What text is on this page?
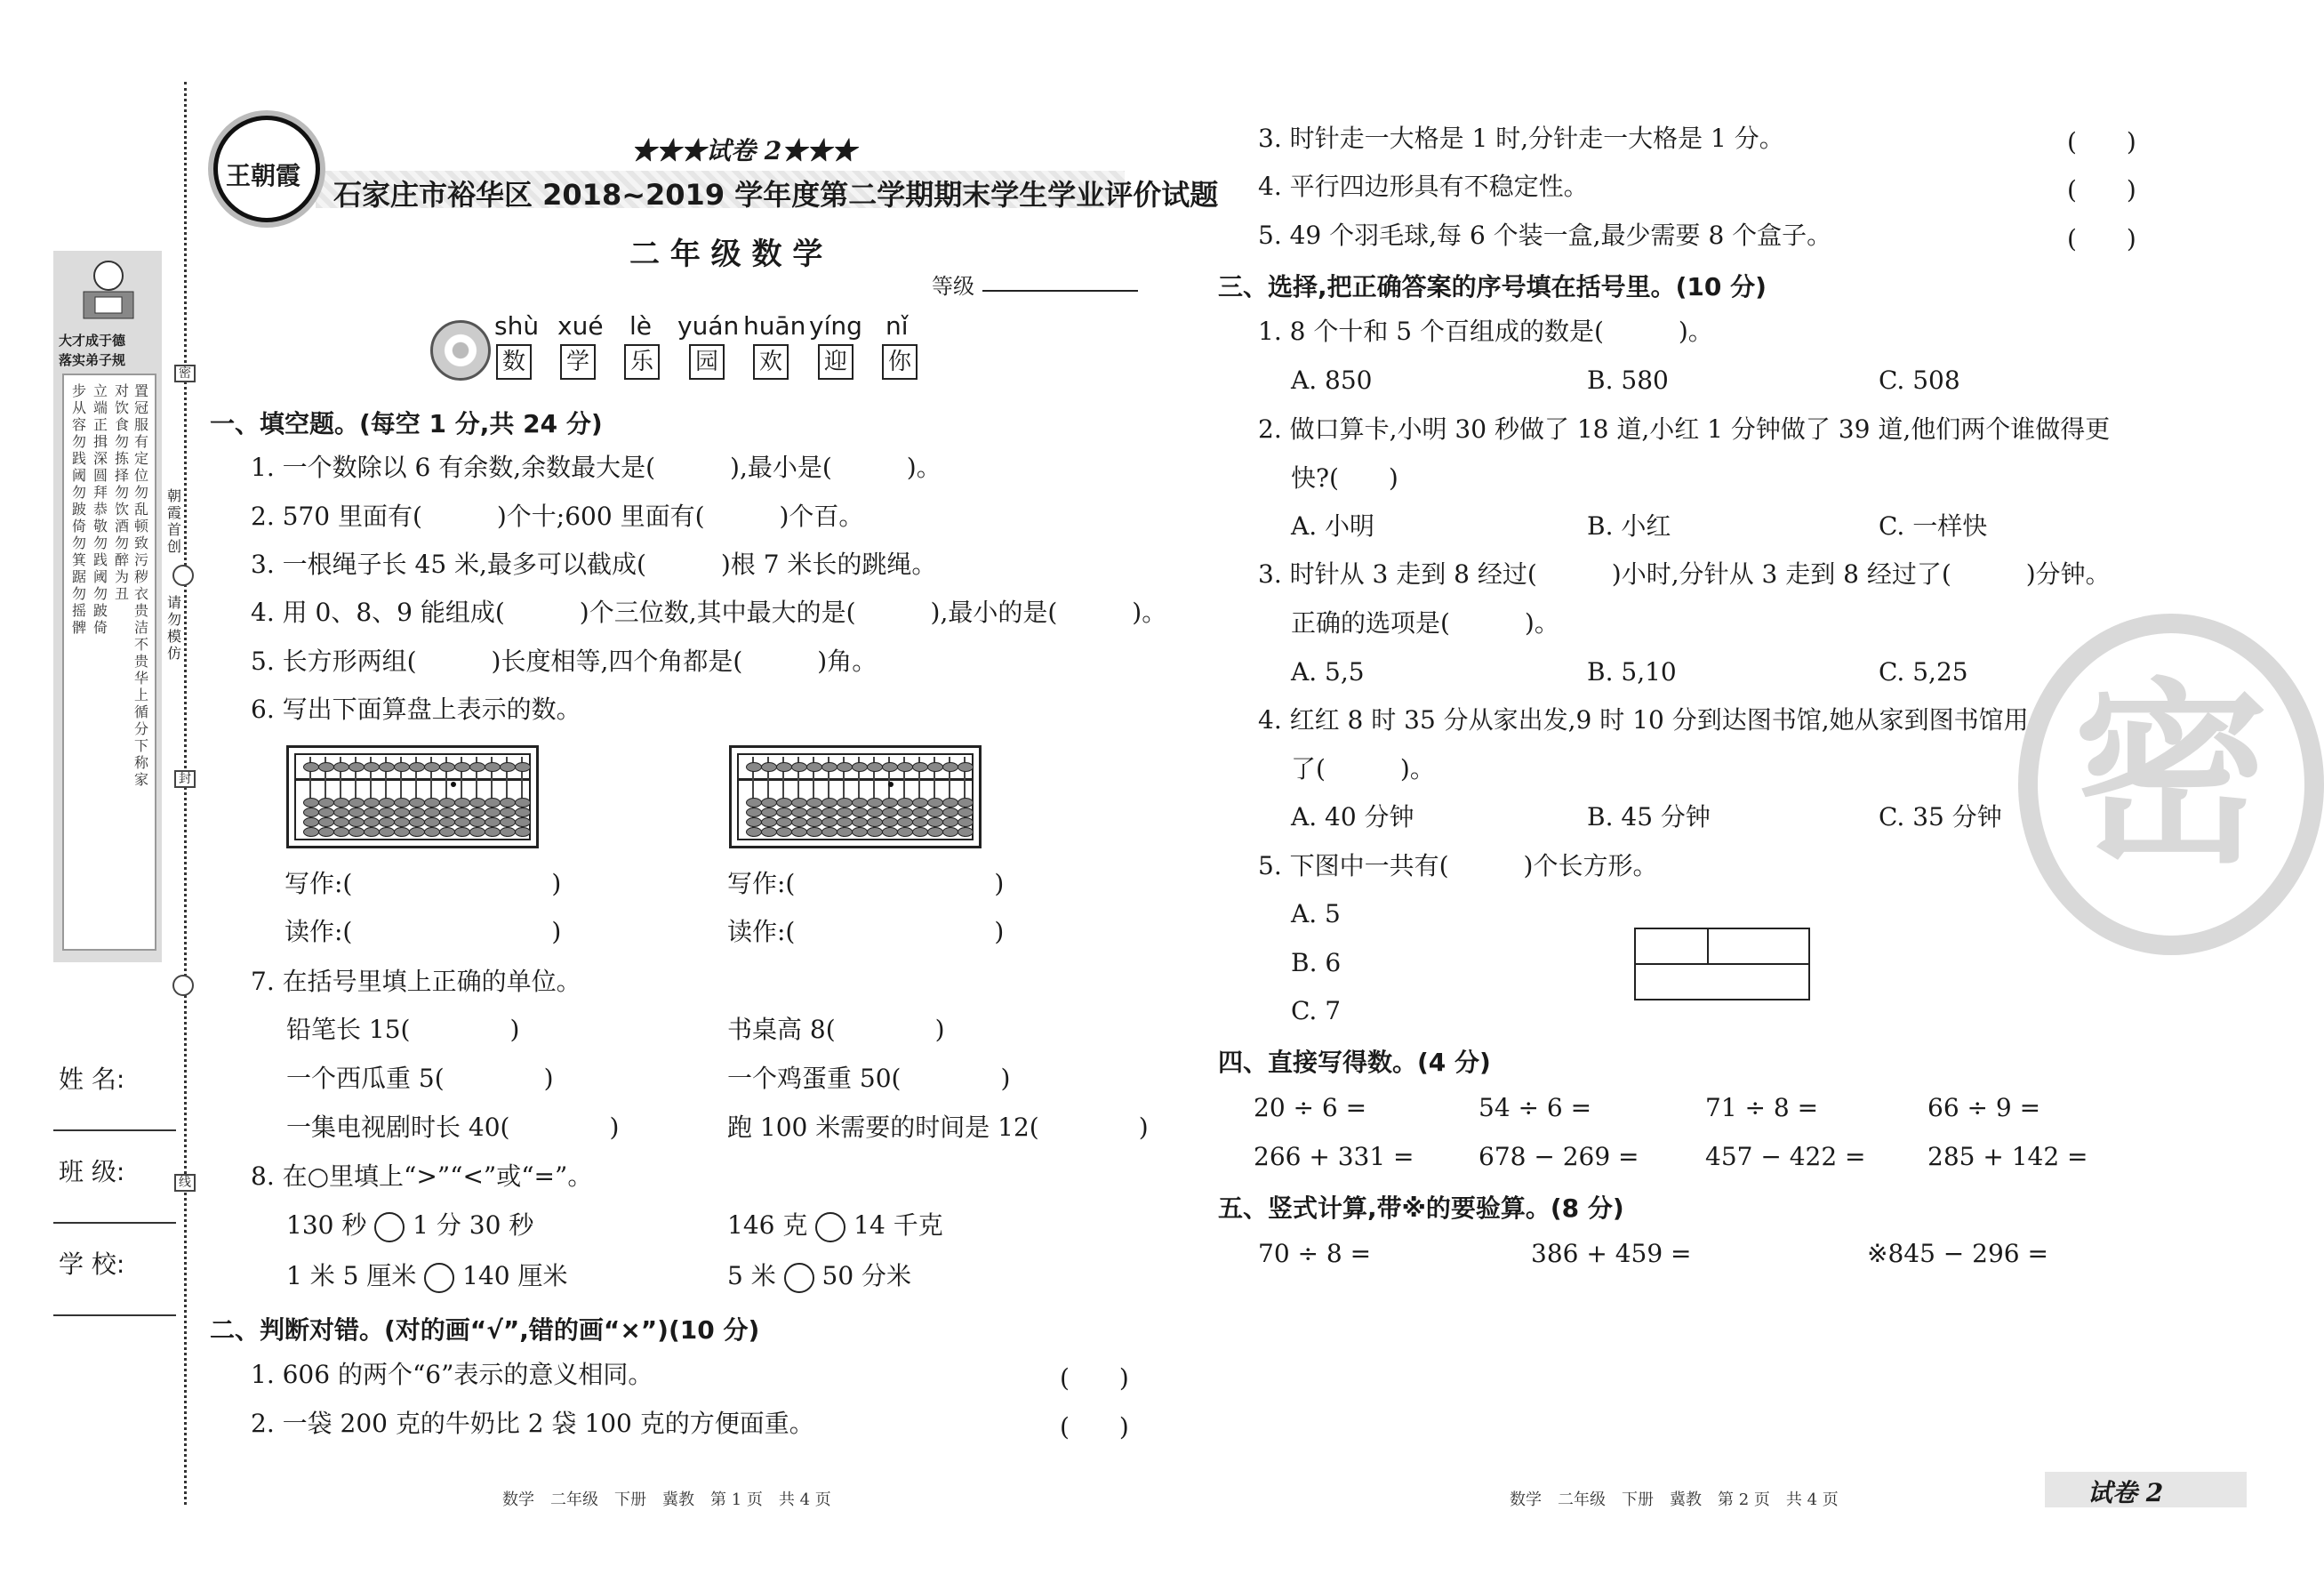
大才成于德
落实弟子规
步从容勿践阈勿跛倚勿箕踞勿摇髀
立端正揖深圆拜恭敬勿践阈勿跛倚
对饮食勿拣择勿饮酒勿醉为丑
置冠服有定位勿乱顿致污秽衣贵洁不贵华上循分下称家
密
封
线
朝霞首创
请勿模仿
姓 名:
班 级:
学 校:
王朝霞
★★★试卷 2★★★
石家庄市裕华区 2018~2019 学年度第二学期期末学生学业评价试题
二 年 级 数 学
等级
shù xué lè yuán huān yíng nǐ
数 学 乐 园 欢 迎 你
一、填空题。(每空 1 分,共 24 分)
1. 一个数除以 6 有余数,余数最大是(　　　),最小是(　　　)。
2. 570 里面有(　　　)个十;600 里面有(　　　)个百。
3. 一根绳子长 45 米,最多可以截成(　　　)根 7 米长的跳绳。
4. 用 0、8、9 能组成(　　　)个三位数,其中最大的是(　　　),最小的是(　　　)。
5. 长方形两组(　　　)长度相等,四个角都是(　　　)角。
6. 写出下面算盘上表示的数。
写作:(　　　　　　　　)
读作:(　　　　　　　　)
写作:(　　　　　　　　)
读作:(　　　　　　　　)
7. 在括号里填上正确的单位。
铅笔长 15(　　　　)	书桌高 8(　　　　)
一个西瓜重 5(　　　　)	一个鸡蛋重 50(　　　　)
一集电视剧时长 40(　　　　)	跑 100 米需要的时间是 12(　　　　)
8. 在○里填上“>”“<”或“=”。
130 秒 1 分 30 秒	146 克 14 千克
1 米 5 厘米 140 厘米	5 米 50 分米
二、判断对错。(对的画“√”,错的画“×”)(10 分)
1. 606 的两个“6”表示的意义相同。	(　　)
2. 一袋 200 克的牛奶比 2 袋 100 克的方便面重。	(　　)
3. 时针走一大格是 1 时,分针走一大格是 1 分。	(　　)
4. 平行四边形具有不稳定性。	(　　)
5. 49 个羽毛球,每 6 个装一盒,最少需要 8 个盒子。	(　　)
三、选择,把正确答案的序号填在括号里。(10 分)
1. 8 个十和 5 个百组成的数是(　　　)。
A. 850	B. 580	C. 508
2. 做口算卡,小明 30 秒做了 18 道,小红 1 分钟做了 39 道,他们两个谁做得更
快?(　　)
A. 小明	B. 小红	C. 一样快
3. 时针从 3 走到 8 经过(　　　)小时,分针从 3 走到 8 经过了(　　　)分钟。
正确的选项是(　　　)。
A. 5,5	B. 5,10	C. 5,25
4. 红红 8 时 35 分从家出发,9 时 10 分到达图书馆,她从家到图书馆用
了(　　　)。
A. 40 分钟	B. 45 分钟	C. 35 分钟
5. 下图中一共有(　　　)个长方形。
A. 5
B. 6
C. 7
四、直接写得数。(4 分)
20 ÷ 6 =	54 ÷ 6 =	71 ÷ 8 =	66 ÷ 9 =
266 + 331 =	678 − 269 =	457 − 422 = 285 + 142 =
五、竖式计算,带※的要验算。(8 分)
70 ÷ 8 =	386 + 459 =	※845 − 296 =
密
数学　二年级　下册　冀教　第 1 页　共 4 页	数学　二年级　下册　冀教　第 2 页　共 4 页	试卷 2
